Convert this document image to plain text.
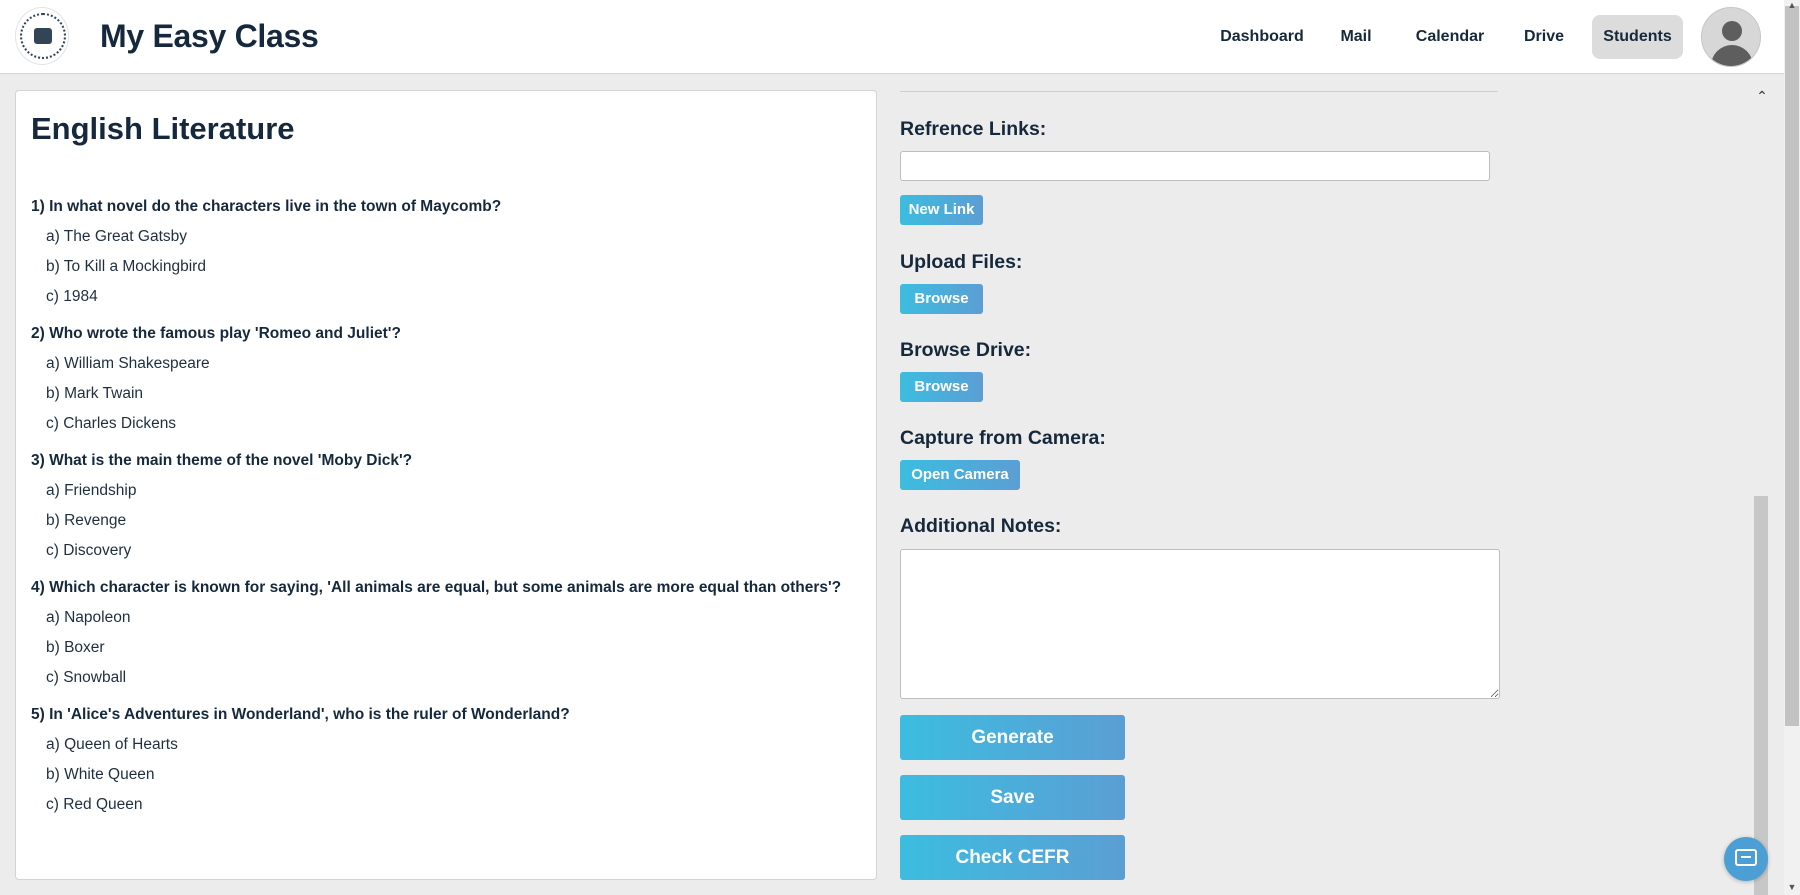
My Easy Class	Dashboard	Mail	Calendar	Drive	Students
▲
▼
English Literature
1) In what novel do the characters live in the town of Maycomb?
a) The Great Gatsby
b) To Kill a Mockingbird
c) 1984
2) Who wrote the famous play 'Romeo and Juliet'?
a) William Shakespeare
b) Mark Twain
c) Charles Dickens
3) What is the main theme of the novel 'Moby Dick'?
a) Friendship
b) Revenge
c) Discovery
4) Which character is known for saying, 'All animals are equal, but some animals are more equal than others'?
a) Napoleon
b) Boxer
c) Snowball
5) In 'Alice's Adventures in Wonderland', who is the ruler of Wonderland?
a) Queen of Hearts
b) White Queen
c) Red Queen
⌃
Refrence Links:
New Link
Upload Files:
Browse
Browse Drive:
Browse
Capture from Camera:
Open Camera
Additional Notes:
Generate
Save
Check CEFR
